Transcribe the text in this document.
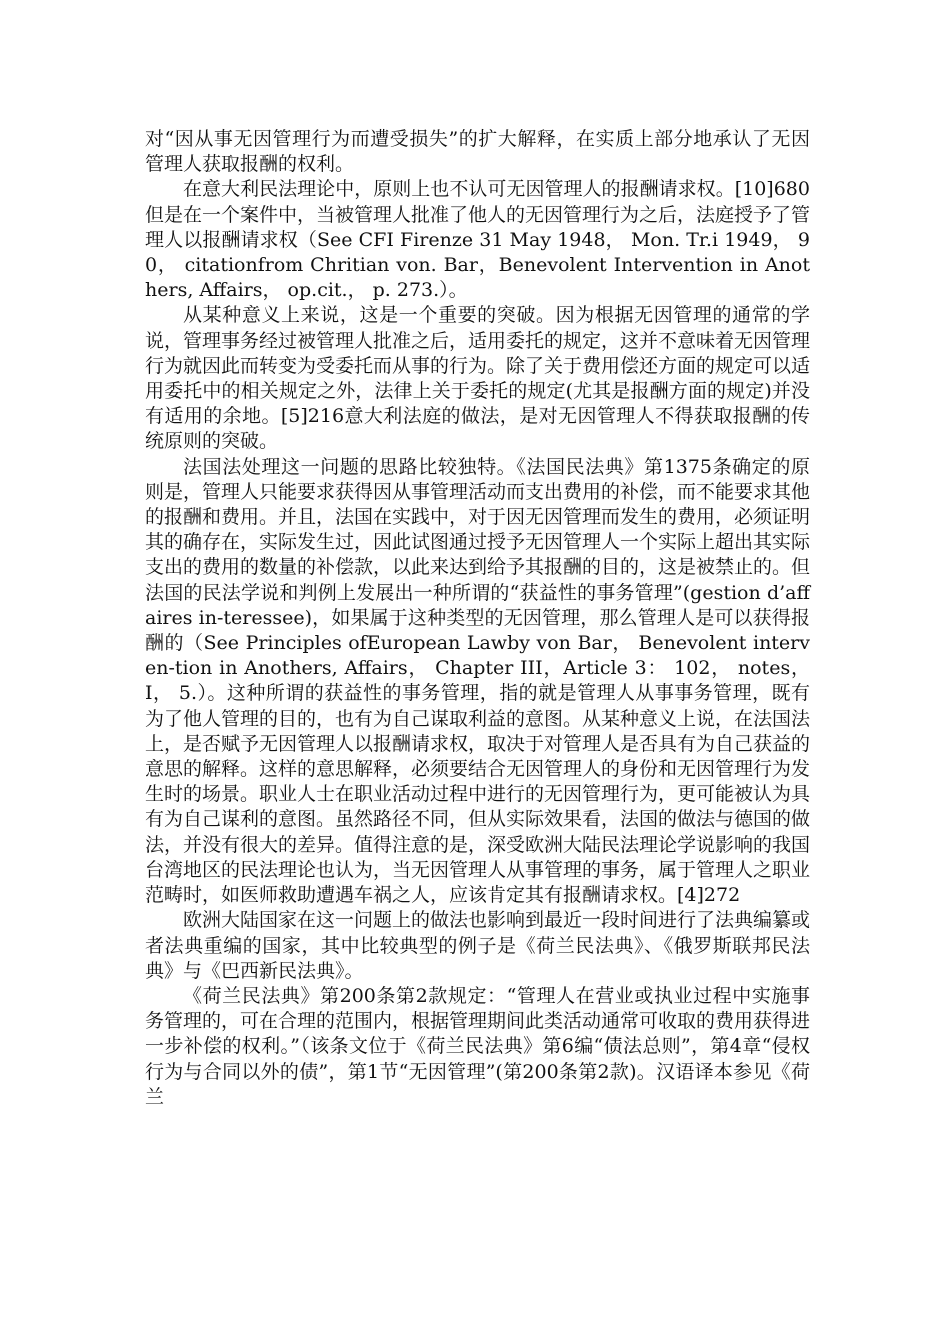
对“因从事无因管理行为而遭受损失”的扩大解释，在实质上部分地承认了无因管理人获取报酬的权利。

在意大利民法理论中，原则上也不认可无因管理人的报酬请求权。[10]680但是在一个案件中，当被管理人批准了他人的无因管理行为之后，法庭授予了管理人以报酬请求权（See CFI Firenze 31 May 1948， Mon. Tr.i 1949， 90， citationfrom Chritian von. Bar，Benevolent Intervention in Anothers, Affairs， op.cit.， p. 273.）。

从某种意义上来说，这是一个重要的突破。因为根据无因管理的通常的学说，管理事务经过被管理人批准之后，适用委托的规定，这并不意味着无因管理行为就因此而转变为受委托而从事的行为。除了关于费用偿还方面的规定可以适用委托中的相关规定之外，法律上关于委托的规定(尤其是报酬方面的规定)并没有适用的余地。[5]216意大利法庭的做法，是对无因管理人不得获取报酬的传统原则的突破。

法国法处理这一问题的思路比较独特。《法国民法典》第1375条确定的原则是，管理人只能要求获得因从事管理活动而支出费用的补偿，而不能要求其他的报酬和费用。并且，法国在实践中，对于因无因管理而发生的费用，必须证明其的确存在，实际发生过，因此试图通过授予无因管理人一个实际上超出其实际支出的费用的数量的补偿款，以此来达到给予其报酬的目的，这是被禁止的。但法国的民法学说和判例上发展出一种所谓的“获益性的事务管理”(gestion d’affaires in-teressee)，如果属于这种类型的无因管理，那么管理人是可以获得报酬的（See Principles ofEuropean Lawby von Bar， Benevolent interven-tion in Anothers, Affairs， Chapter III，Article 3： 102， notes， I， 5.）。这种所谓的获益性的事务管理，指的就是管理人从事事务管理，既有为了他人管理的目的，也有为自己谋取利益的意图。从某种意义上说，在法国法上，是否赋予无因管理人以报酬请求权，取决于对管理人是否具有为自己获益的意思的解释。这样的意思解释，必须要结合无因管理人的身份和无因管理行为发生时的场景。职业人士在职业活动过程中进行的无因管理行为，更可能被认为具有为自己谋利的意图。虽然路径不同，但从实际效果看，法国的做法与德国的做法，并没有很大的差异。值得注意的是，深受欧洲大陆民法理论学说影响的我国台湾地区的民法理论也认为，当无因管理人从事管理的事务，属于管理人之职业范畴时，如医师救助遭遇车祸之人，应该肯定其有报酬请求权。[4]272

欧洲大陆国家在这一问题上的做法也影响到最近一段时间进行了法典编纂或者法典重编的国家，其中比较典型的例子是《荷兰民法典》、《俄罗斯联邦民法典》与《巴西新民法典》。

《荷兰民法典》第200条第2款规定：“管理人在营业或执业过程中实施事务管理的，可在合理的范围内，根据管理期间此类活动通常可收取的费用获得进一步补偿的权利。”（该条文位于《荷兰民法典》第6编“债法总则”，第4章“侵权行为与合同以外的债”，第1节“无因管理”(第200条第2款)。汉语译本参见《荷兰
